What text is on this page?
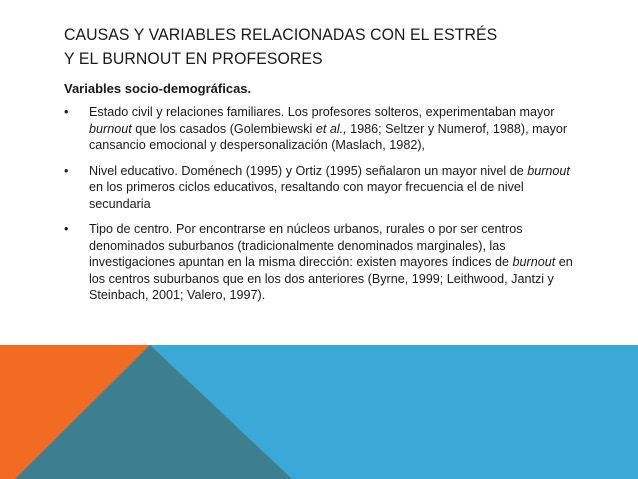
CAUSAS Y VARIABLES RELACIONADAS CON EL ESTRÉS Y EL BURNOUT EN PROFESORES

Variables socio-demográficas.

• Estado civil y relaciones familiares. Los profesores solteros, experimentaban mayor burnout que los casados (Golembiewski et al., 1986; Seltzer y Numerof, 1988), mayor cansancio emocional y despersonalización (Maslach, 1982),
• Nivel educativo. Doménech (1995) y Ortiz (1995) señalaron un mayor nivel de burnout en los primeros ciclos educativos, resaltando con mayor frecuencia el de nivel secundaria
• Tipo de centro. Por encontrarse en núcleos urbanos, rurales o por ser centros denominados suburbanos (tradicionalmente denominados marginales), las investigaciones apuntan en la misma dirección: existen mayores índices de burnout en los centros suburbanos que en los dos anteriores (Byrne, 1999; Leithwood, Jantzi y Steinbach, 2001; Valero, 1997).
